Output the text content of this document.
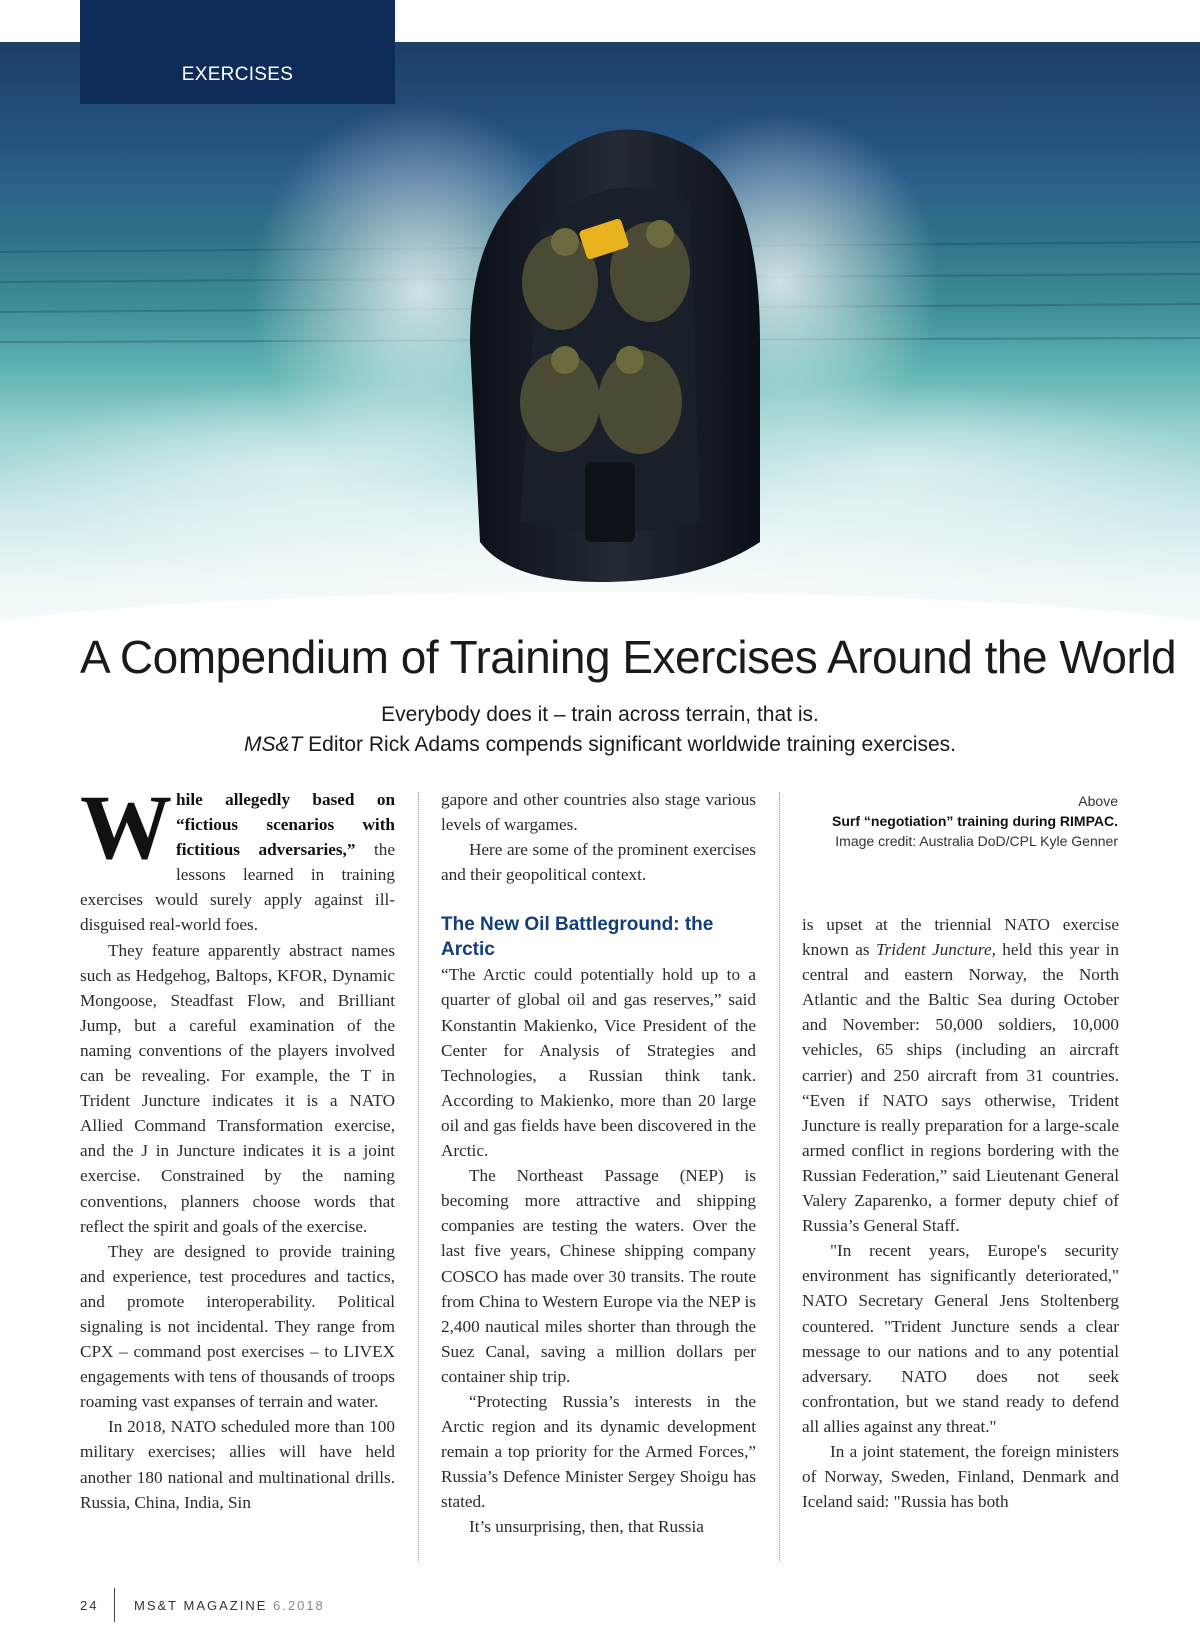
EXERCISES
A Compendium of Training Exercises Around the World
Everybody does it – train across terrain, that is.
MS&T Editor Rick Adams compends significant worldwide training exercises.

While allegedly based on “fictious scenarios with fictitious adversaries,” the lessons learned in training exercises would surely apply against ill-disguised real-world foes.

They feature apparently abstract names such as Hedgehog, Baltops, KFOR, Dynamic Mongoose, Steadfast Flow, and Brilliant Jump, but a careful examination of the naming conventions of the players involved can be revealing. For example, the T in Trident Juncture indicates it is a NATO Allied Command Transformation exercise, and the J in Juncture indicates it is a joint exercise. Constrained by the naming conventions, planners choose words that reflect the spirit and goals of the exercise.

They are designed to provide training and experience, test procedures and tactics, and promote interoperability. Political signaling is not incidental. They range from CPX – command post exercises – to LIVEX engagements with tens of thousands of troops roaming vast expanses of terrain and water.

In 2018, NATO scheduled more than 100 military exercises; allies will have held another 180 national and multinational drills. Russia, China, India, Sin

gapore and other countries also stage various levels of wargames.

Here are some of the prominent exercises and their geopolitical context.

The New Oil Battleground: the Arctic

“The Arctic could potentially hold up to a quarter of global oil and gas reserves,” said Konstantin Makienko, Vice President of the Center for Analysis of Strategies and Technologies, a Russian think tank. According to Makienko, more than 20 large oil and gas fields have been discovered in the Arctic.

The Northeast Passage (NEP) is becoming more attractive and shipping companies are testing the waters. Over the last five years, Chinese shipping company COSCO has made over 30 transits. The route from China to Western Europe via the NEP is 2,400 nautical miles shorter than through the Suez Canal, saving a million dollars per container ship trip.

“Protecting Russia’s interests in the Arctic region and its dynamic development remain a top priority for the Armed Forces,” Russia’s Defence Minister Sergey Shoigu has stated.

It’s unsurprising, then, that Russia

Above
Surf “negotiation” training during RIMPAC.
Image credit: Australia DoD/CPL Kyle Genner

is upset at the triennial NATO exercise known as Trident Juncture, held this year in central and eastern Norway, the North Atlantic and the Baltic Sea during October and November: 50,000 soldiers, 10,000 vehicles, 65 ships (including an aircraft carrier) and 250 aircraft from 31 countries. “Even if NATO says otherwise, Trident Juncture is really preparation for a large-scale armed conflict in regions bordering with the Russian Federation,” said Lieutenant General Valery Zaparenko, a former deputy chief of Russia’s General Staff.

"In recent years, Europe's security environment has significantly deteriorated," NATO Secretary General Jens Stoltenberg countered. "Trident Juncture sends a clear message to our nations and to any potential adversary. NATO does not seek confrontation, but we stand ready to defend all allies against any threat."

In a joint statement, the foreign ministers of Norway, Sweden, Finland, Denmark and Iceland said: "Russia has both

24	MS&T MAGAZINE 6.2018
